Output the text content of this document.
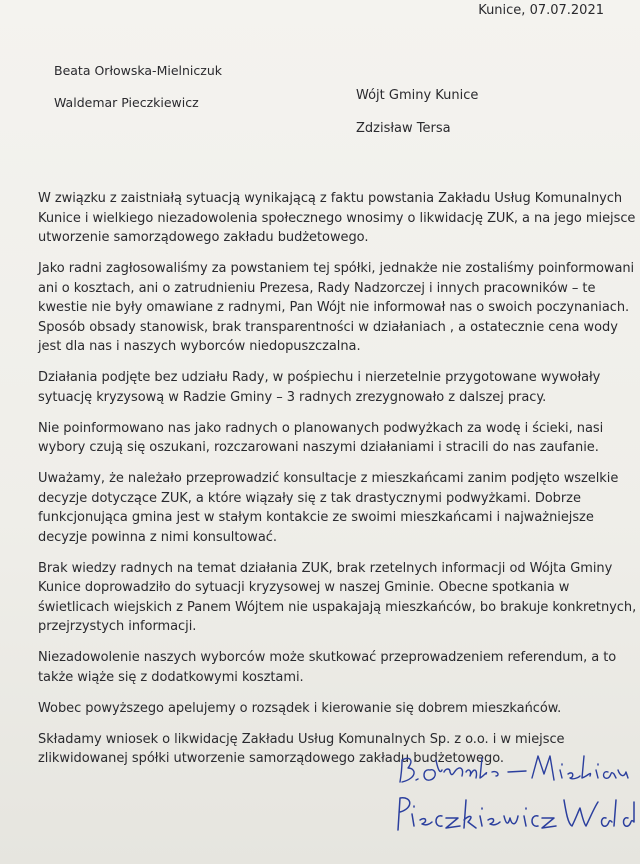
Kunice, 07.07.2021
Beata Orłowska-Mielniczuk
Waldemar Pieczkiewicz	Wójt Gminy Kunice
Zdzisław Tersa

W związku z zaistniałą sytuacją wynikającą z faktu powstania Zakładu Usług Komunalnych Kunice i wielkiego niezadowolenia społecznego wnosimy o likwidację ZUK, a na jego miejsce utworzenie samorządowego zakładu budżetowego.

Jako radni zagłosowaliśmy za powstaniem tej spółki, jednakże nie zostaliśmy poinformowani ani o kosztach, ani o zatrudnieniu Prezesa, Rady Nadzorczej i innych pracowników – te kwestie nie były omawiane z radnymi, Pan Wójt nie informował nas o swoich poczynaniach. Sposób obsady stanowisk, brak transparentności w działaniach , a ostatecznie cena wody jest dla nas i naszych wyborców niedopuszczalna.

Działania podjęte bez udziału Rady, w pośpiechu i nierzetelnie przygotowane wywołały sytuację kryzysową w Radzie Gminy – 3 radnych zrezygnowało z dalszej pracy.

Nie poinformowano nas jako radnych o planowanych podwyżkach za wodę i ścieki, nasi wybory czują się oszukani, rozczarowani naszymi działaniami i stracili do nas zaufanie.

Uważamy, że należało przeprowadzić konsultacje z mieszkańcami zanim podjęto wszelkie decyzje dotyczące ZUK, a które wiązały się z tak drastycznymi podwyżkami. Dobrze funkcjonująca gmina jest w stałym kontakcie ze swoimi mieszkańcami i najważniejsze decyzje powinna z nimi konsultować.

Brak wiedzy radnych na temat działania ZUK, brak rzetelnych informacji od Wójta Gminy Kunice doprowadziło do sytuacji kryzysowej w naszej Gminie. Obecne spotkania w świetlicach wiejskich z Panem Wójtem nie uspakajają mieszkańców, bo brakuje konkretnych, przejrzystych informacji.

Niezadowolenie naszych wyborców może skutkować przeprowadzeniem referendum, a to także wiąże się z dodatkowymi kosztami.

Wobec powyższego apelujemy o rozsądek i kierowanie się dobrem mieszkańców.

Składamy wniosek o likwidację Zakładu Usług Komunalnych Sp. z o.o. i w miejsce zlikwidowanej spółki utworzenie samorządowego zakładu budżetowego.
